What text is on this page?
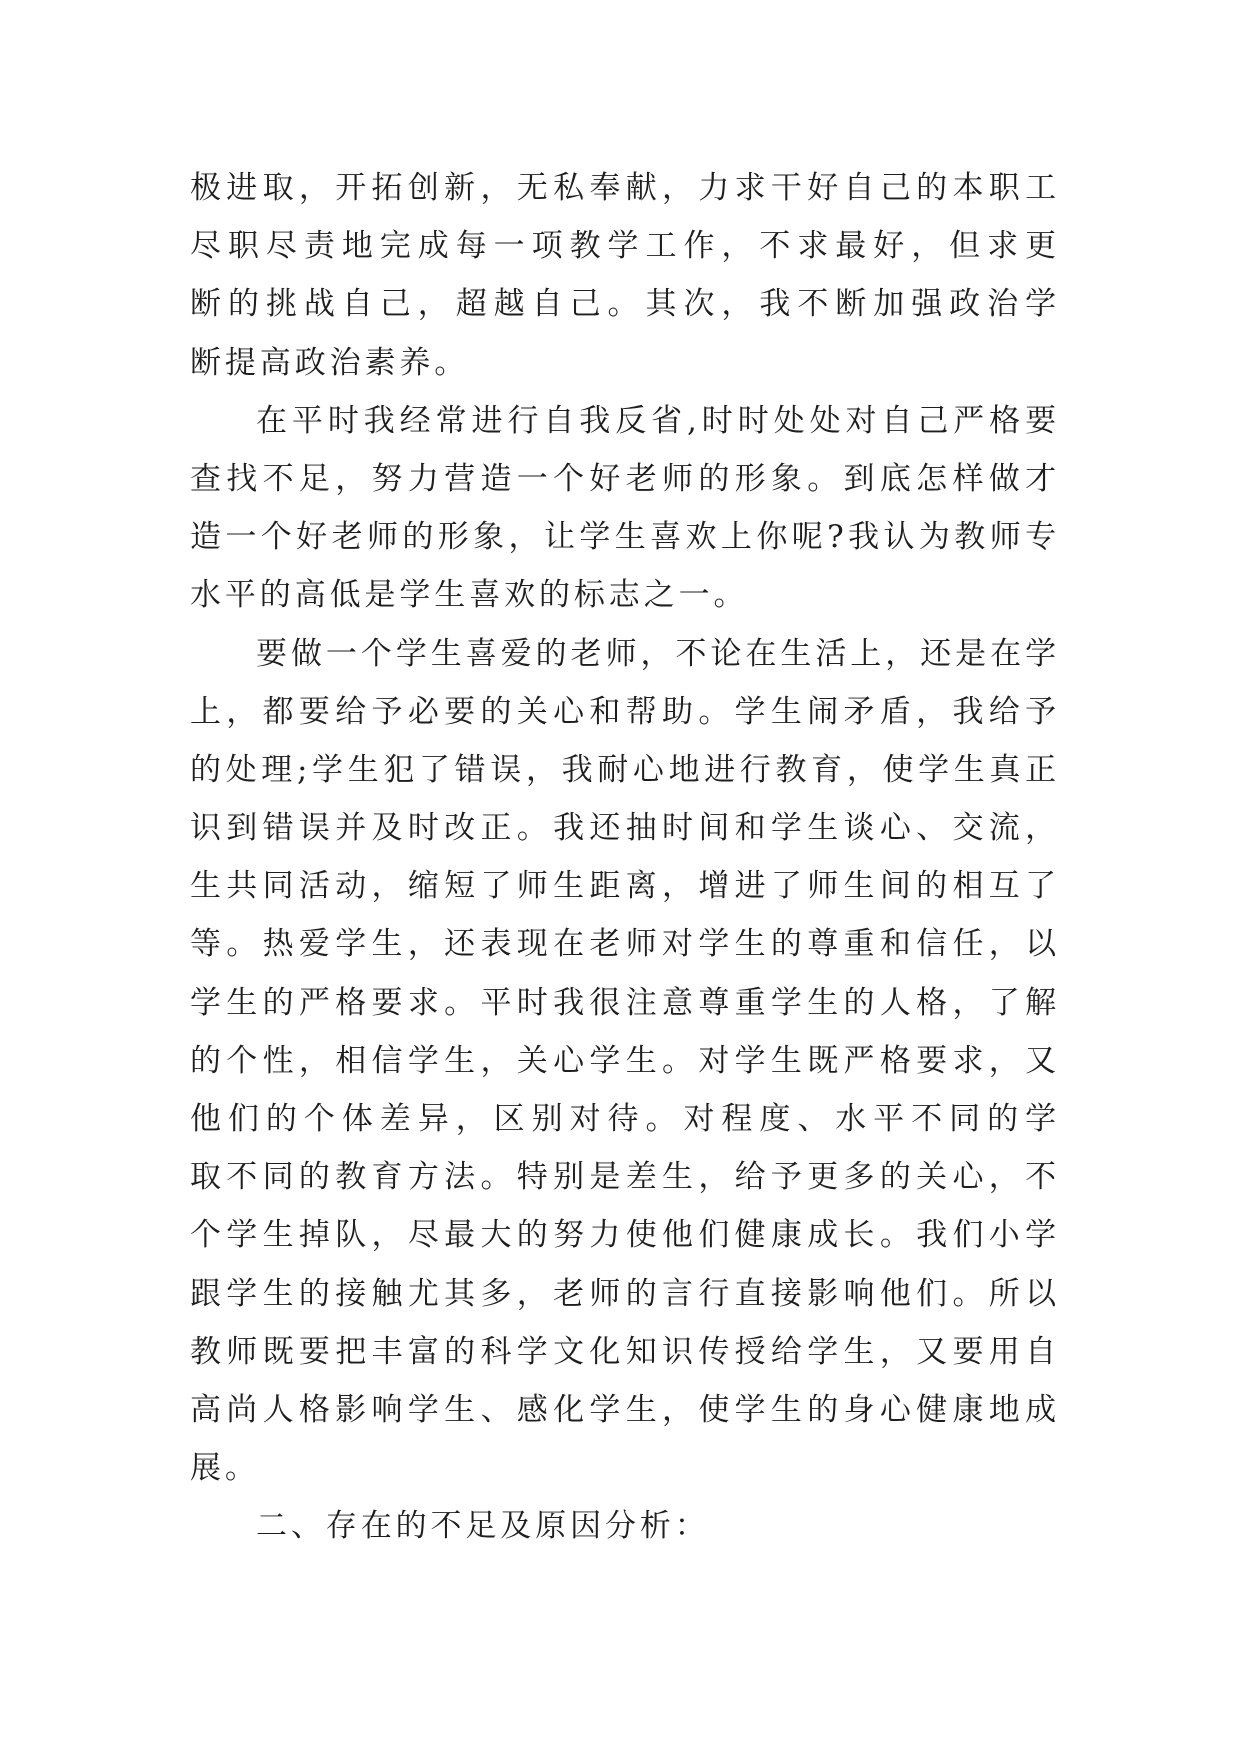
极进取，开拓创新，无私奉献，力求干好自己的本职工
尽职尽责地完成每一项教学工作，不求最好，但求更
断的挑战自己，超越自己。其次，我不断加强政治学
断提高政治素养。
在平时我经常进行自我反省,时时处处对自己严格要
查找不足，努力营造一个好老师的形象。到底怎样做才
造一个好老师的形象，让学生喜欢上你呢?我认为教师专
水平的高低是学生喜欢的标志之一。
要做一个学生喜爱的老师，不论在生活上，还是在学
上，都要给予必要的关心和帮助。学生闹矛盾，我给予
的处理;学生犯了错误，我耐心地进行教育，使学生真正
识到错误并及时改正。我还抽时间和学生谈心、交流，
生共同活动，缩短了师生距离，增进了师生间的相互了
等。热爱学生，还表现在老师对学生的尊重和信任，以
学生的严格要求。平时我很注意尊重学生的人格，了解
的个性，相信学生，关心学生。对学生既严格要求，又
他们的个体差异，区别对待。对程度、水平不同的学
取不同的教育方法。特别是差生，给予更多的关心，不
个学生掉队，尽最大的努力使他们健康成长。我们小学
跟学生的接触尤其多，老师的言行直接影响他们。所以
教师既要把丰富的科学文化知识传授给学生，又要用自
高尚人格影响学生、感化学生，使学生的身心健康地成
展。
二、存在的不足及原因分析：
